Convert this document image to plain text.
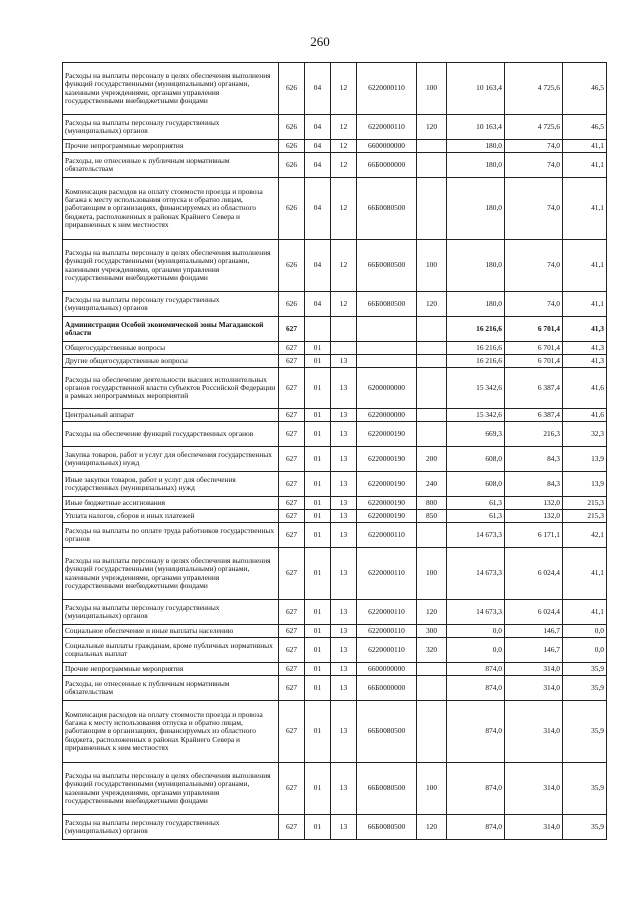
260
Расходы на выплаты персоналу в целях обеспечения выполнения функций государственными (муниципальными) органами, казенными учреждениями, органами управления государственными внебюджетными фондами	626	04	12	6220000110	100	10 163,4	4 725,6	46,5
Расходы на выплаты персоналу государственных (муниципальных) органов	626	04	12	6220000110	120	10 163,4	4 725,6	46,5
Прочие непрограммные мероприятия	626	04	12	6600000000		180,0	74,0	41,1
Расходы, не отнесенные к публичным нормативным обязательствам	626	04	12	66Б0000000		180,0	74,0	41,1
Компенсация расходов на оплату стоимости проезда и провоза багажа к месту использования отпуска и обратно лицам, работающим в организациях, финансируемых из областного бюджета, расположенных в районах Крайнего Севера и приравненных к ним местностях	626	04	12	66Б0080500		180,0	74,0	41,1
Расходы на выплаты персоналу в целях обеспечения выполнения функций государственными (муниципальными) органами, казенными учреждениями, органами управления государственными внебюджетными фондами	626	04	12	66Б0080500	100	180,0	74,0	41,1
Расходы на выплаты персоналу государственных (муниципальных) органов	626	04	12	66Б0080500	120	180,0	74,0	41,1
Администрация Особой экономической зоны Магаданской области	627					16 216,6	6 701,4	41,3
Общегосударственные вопросы	627	01				16 216,6	6 701,4	41,3
Другие общегосударственные вопросы	627	01	13			16 216,6	6 701,4	41,3
Расходы на обеспечение деятельности высших исполнительных органов государственной власти субъектов Российской Федерации в рамках непрограммных мероприятий	627	01	13	6200000000		15 342,6	6 387,4	41,6
Центральный аппарат	627	01	13	6220000000		15 342,6	6 387,4	41,6
Расходы на обеспечение функций государственных органов	627	01	13	6220000190		669,3	216,3	32,3
Закупка товаров, работ и услуг для обеспечения государственных (муниципальных) нужд	627	01	13	6220000190	200	608,0	84,3	13,9
Иные закупки товаров, работ и услуг для обеспечения государственных (муниципальных) нужд	627	01	13	6220000190	240	608,0	84,3	13,9
Иные бюджетные ассигнования	627	01	13	6220000190	800	61,3	132,0	215,3
Уплата налогов, сборов и иных платежей	627	01	13	6220000190	850	61,3	132,0	215,3
Расходы на выплаты по оплате труда работников государственных органов	627	01	13	6220000110		14 673,3	6 171,1	42,1
Расходы на выплаты персоналу в целях обеспечения выполнения функций государственными (муниципальными) органами, казенными учреждениями, органами управления государственными внебюджетными фондами	627	01	13	6220000110	100	14 673,3	6 024,4	41,1
Расходы на выплаты персоналу государственных (муниципальных) органов	627	01	13	6220000110	120	14 673,3	6 024,4	41,1
Социальное обеспечение и иные выплаты населению	627	01	13	6220000110	300	0,0	146,7	0,0
Социальные выплаты гражданам, кроме публичных нормативных социальных выплат	627	01	13	6220000110	320	0,0	146,7	0,0
Прочие непрограммные мероприятия	627	01	13	6600000000		874,0	314,0	35,9
Расходы, не отнесенные к публичным нормативным обязательствам	627	01	13	66Б0000000		874,0	314,0	35,9
Компенсация расходов на оплату стоимости проезда и провоза багажа к месту использования отпуска и обратно лицам, работающим в организациях, финансируемых из областного бюджета, расположенных в районах Крайнего Севера и приравненных к ним местностях	627	01	13	66Б0080500		874,0	314,0	35,9
Расходы на выплаты персоналу в целях обеспечения выполнения функций государственными (муниципальными) органами, казенными учреждениями, органами управления государственными внебюджетными фондами	627	01	13	66Б0080500	100	874,0	314,0	35,9
Расходы на выплаты персоналу государственных (муниципальных) органов	627	01	13	66Б0080500	120	874,0	314,0	35,9
